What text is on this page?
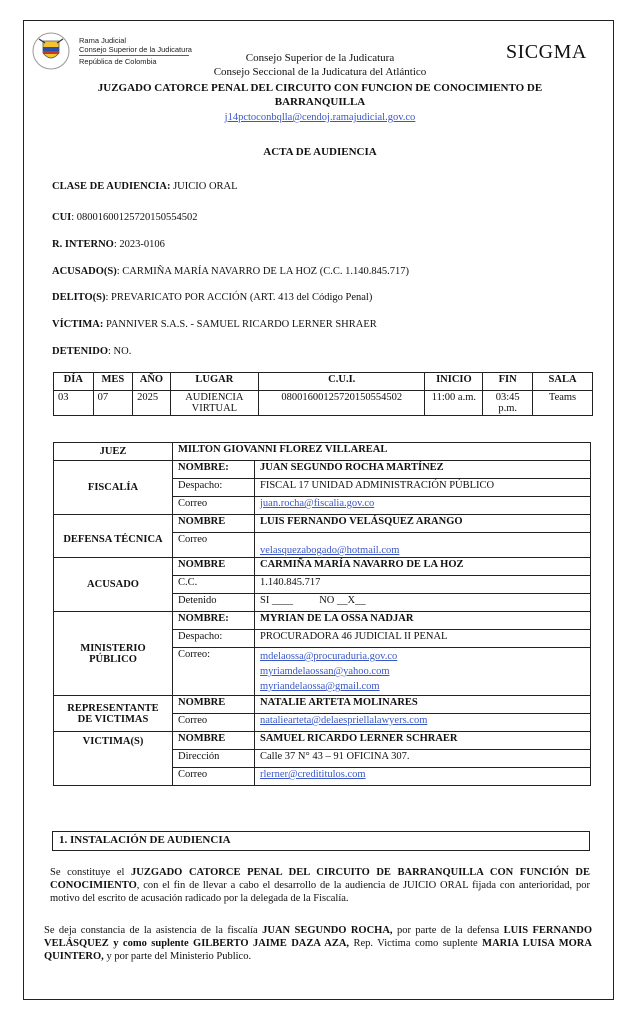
Rama Judicial
Consejo Superior de la Judicatura
República de Colombia	SICGMA
Consejo Superior de la Judicatura
Consejo Seccional de la Judicatura del Atlántico
JUZGADO CATORCE PENAL DEL CIRCUITO CON FUNCION DE CONOCIMIENTO DE BARRANQUILLA
j14pctoconbqlla@cendoj.ramajudicial.gov.co
ACTA DE AUDIENCIA
CLASE DE AUDIENCIA: JUICIO ORAL
CUI: 08001600125720150554502
R. INTERNO: 2023-0106
ACUSADO(S): CARMIÑA MARÍA NAVARRO DE LA HOZ (C.C. 1.140.845.717)
DELITO(S): PREVARICATO POR ACCIÓN (ART. 413 del Código Penal)
VÍCTIMA: PANNIVER S.A.S. - SAMUEL RICARDO LERNER SHRAER
DETENIDO: NO.
DÍA	MES	AÑO	LUGAR	C.U.I.	INICIO	FIN	SALA
03	07	2025	AUDIENCIA VIRTUAL	08001600125720150554502	11:00 a.m.	03:45 p.m.	Teams
JUEZ	MILTON GIOVANNI FLOREZ VILLAREAL	
FISCALÍA	NOMBRE:	JUAN SEGUNDO ROCHA MARTÍNEZ
	Despacho:	FISCAL 17 UNIDAD ADMINISTRACIÓN PÚBLICO
	Correo	juan.rocha@fiscalia.gov.co
DEFENSA TÉCNICA	NOMBRE	LUIS FERNANDO VELÁSQUEZ ARANGO
	Correo	velasquezabogado@hotmail.com
ACUSADO	NOMBRE	CARMIÑA MARÍA NAVARRO DE LA HOZ
	C.C.	1.140.845.717
	Detenido	SI ____          NO __X__
MINISTERIO PÚBLICO	NOMBRE:	MYRIAN DE LA OSSA NADJAR
	Despacho:	PROCURADORA 46 JUDICIAL II PENAL
	Correo:	mdelaossa@procuraduria.gov.co
myriamdelaossan@yahoo.com
myriandelaossa@gmail.com

REPRESENTANTE DE VICTIMAS	NOMBRE	NATALIE ARTETA MOLINARES
	Correo	nataliearteta@delaespriellalawyers.com
VICTIMA(S)	NOMBRE	SAMUEL RICARDO LERNER SCHRAER
	Dirección	Calle 37 N° 43 – 91 OFICINA 307.
	Correo	rlerner@credititulos.com
1. INSTALACIÓN DE AUDIENCIA
Se constituye el JUZGADO CATORCE PENAL DEL CIRCUITO DE BARRANQUILLA CON FUNCIÓN DE CONOCIMIENTO, con el fin de llevar a cabo el desarrollo de la audiencia de JUICIO ORAL fijada con anterioridad, por motivo del escrito de acusación radicado por la delegada de la Fiscalía.
Se deja constancia de la asistencia de la fiscalía JUAN SEGUNDO ROCHA, por parte de la defensa LUIS FERNANDO VELÁSQUEZ y como suplente GILBERTO JAIME DAZA AZA, Rep. Victima como suplente MARIA LUISA MORA QUINTERO, y por parte del Ministerio Publico.
